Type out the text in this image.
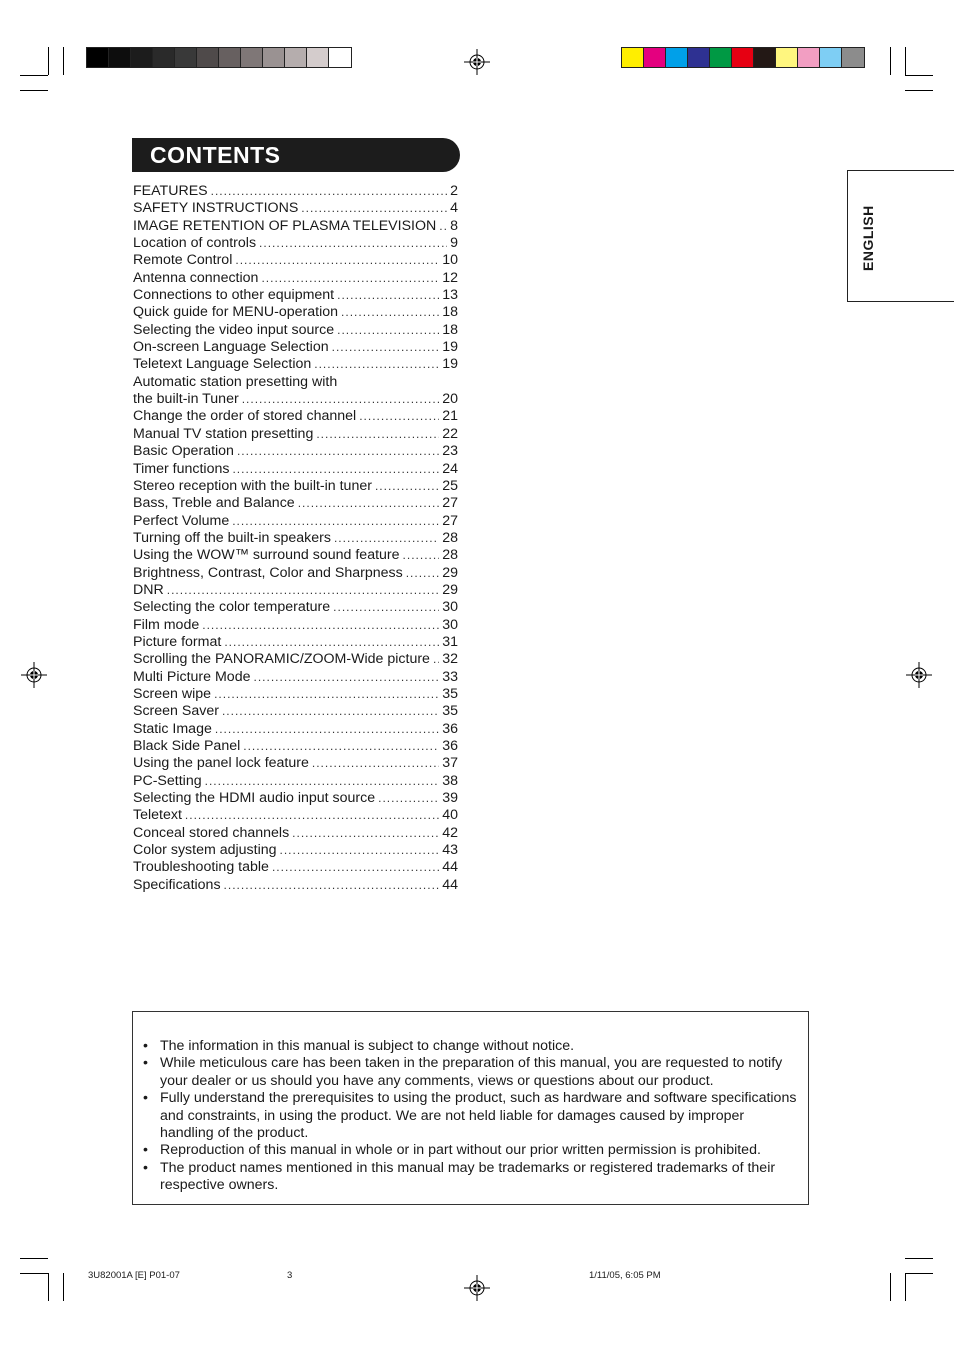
CONTENTS
FEATURES .....	2
SAFETY INSTRUCTIONS .....	4
IMAGE RETENTION OF PLASMA TELEVISION ..... 8
Location of controls .....	9
Remote Control .....	10
Antenna connection .....	12
Connections to other equipment .....	13
Quick guide for MENU-operation .....	18
Selecting the video input source .....	18
On-screen Language Selection .....	19
Teletext Language Selection .....	19
Automatic station presetting with
the built-in Tuner .....	20
Change the order of stored channel .....	21
Manual TV station presetting .....	22
Basic Operation .....	23
Timer functions .....	24
Stereo reception with the built-in tuner .....	25
Bass, Treble and Balance .....	27
Perfect Volume .....	27
Turning off the built-in speakers .....	28
Using the WOW™ surround sound feature .....	28
Brightness, Contrast, Color and Sharpness .....	29
DNR .....	29
Selecting the color temperature .....	30
Film mode .....	30
Picture format .....	31
Scrolling the PANORAMIC/ZOOM-Wide picture ..... 32
Multi Picture Mode .....	33
Screen wipe .....	35
Screen Saver .....	35
Static Image .....	36
Black Side Panel .....	36
Using the panel lock feature .....	37
PC-Setting .....	38
Selecting the HDMI audio input source .....	39
Teletext .....	40
Conceal stored channels .....	42
Color system adjusting .....	43
Troubleshooting table .....	44
Specifications .....	44
ENGLISH
• The information in this manual is subject to change without notice.
• While meticulous care has been taken in the preparation of this manual, you are requested to notify your dealer or us should you have any comments, views or questions about our product.
• Fully understand the prerequisites to using the product, such as hardware and software specifications and constraints, in using the product. We are not held liable for damages caused by improper handling of the product.
• Reproduction of this manual in whole or in part without our prior written permission is prohibited.
• The product names mentioned in this manual may be trademarks or registered trademarks of their respective owners.
3U82001A [E] P01-07	3	1/11/05, 6:05 PM
